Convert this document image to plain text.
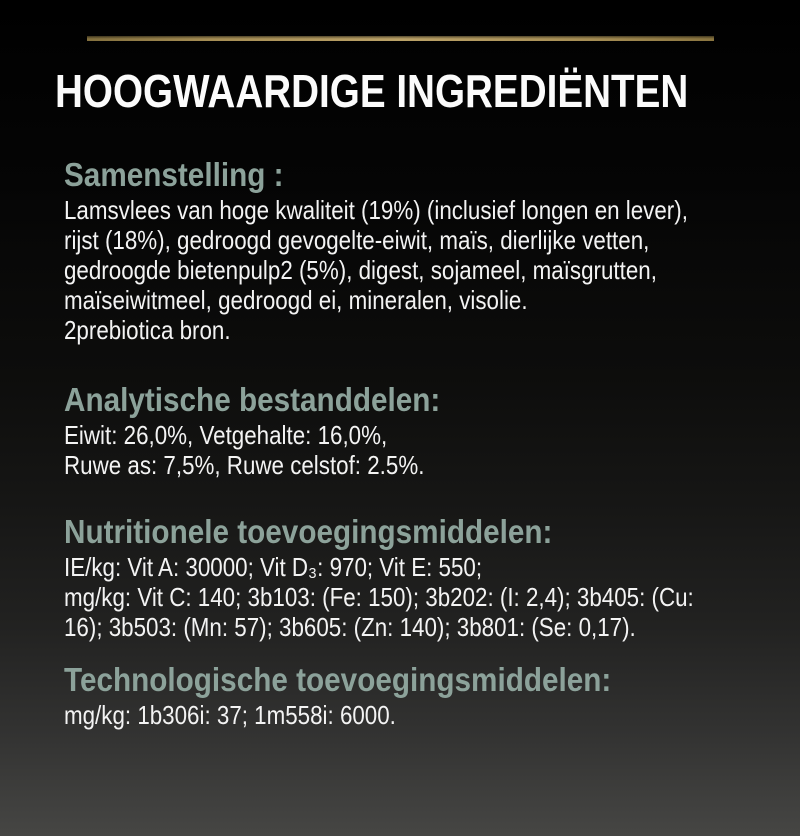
HOOGWAARDIGE INGREDIËNTEN
Samenstelling :
Lamsvlees van hoge kwaliteit (19%) (inclusief longen en lever),
rijst (18%), gedroogd gevogelte-eiwit, maïs, dierlijke vetten,
gedroogde bietenpulp2 (5%), digest, sojameel, maïsgrutten,
maïseiwitmeel, gedroogd ei, mineralen, visolie.
2prebiotica bron.
Analytische bestanddelen:
Eiwit: 26,0%, Vetgehalte: 16,0%,
Ruwe as: 7,5%, Ruwe celstof: 2.5%.
Nutritionele toevoegingsmiddelen:
IE/kg: Vit A: 30000; Vit D₃: 970; Vit E: 550;
mg/kg: Vit C: 140; 3b103: (Fe: 150); 3b202: (I: 2,4); 3b405: (Cu:
16); 3b503: (Mn: 57); 3b605: (Zn: 140); 3b801: (Se: 0,17).
Technologische toevoegingsmiddelen:
mg/kg: 1b306i: 37; 1m558i: 6000.
